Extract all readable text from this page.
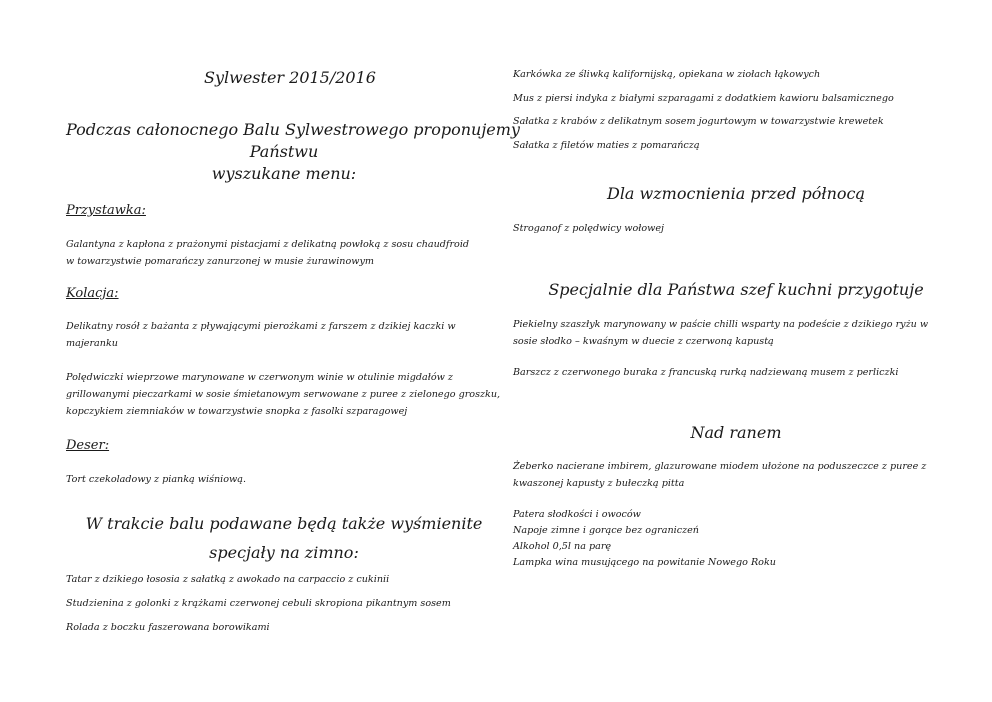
Sylwester 2015/2016
Podczas całonocnego Balu Sylwestrowego proponujemy
Państwu
wyszukane menu:
Przystawka:
Galantyna z kapłona z prażonymi pistacjami z delikatną powłoką z sosu chaudfroid w towarzystwie pomarańczy zanurzonej w musie żurawinowym
Kolacja:
Delikatny rosół z bażanta z pływającymi pierożkami z farszem z dzikiej kaczki w majeranku
Polędwiczki wieprzowe marynowane w czerwonym winie w otulinie migdałów z grillowanymi pieczarkami w sosie śmietanowym serwowane z puree z zielonego groszku, kopczykiem ziemniaków w towarzystwie snopka z fasolki szparagowej
Deser:
Tort czekoladowy z pianką wiśniową.
W trakcie balu podawane będą także wyśmienite
specjały na zimno:
Tatar z dzikiego łososia z sałatką z awokado na carpaccio z cukinii
Studzienina z golonki z krążkami czerwonej cebuli skropiona pikantnym sosem
Rolada z boczku faszerowana borowikami
Karkówka ze śliwką kalifornijską, opiekana w ziołach łąkowych
Mus z piersi indyka z białymi szparagami z dodatkiem kawioru balsamicznego
Sałatka z krabów z delikatnym sosem jogurtowym w towarzystwie krewetek
Sałatka z filetów maties z pomarańczą
Dla wzmocnienia przed północą
Stroganof z polędwicy wołowej
Specjalnie dla Państwa szef kuchni przygotuje
Piekielny szaszłyk marynowany w paście chilli wsparty na podeście z dzikiego ryżu w sosie słodko – kwaśnym w duecie z czerwoną kapustą
Barszcz z czerwonego buraka z francuską rurką nadziewaną musem z perliczki
Nad ranem
Żeberko nacierane imbirem, glazurowane miodem ułożone na poduszeczce z puree z kwaszonej kapusty z bułeczką pitta
Patera słodkości i owoców
Napoje zimne i gorące bez ograniczeń
Alkohol 0,5l na parę
Lampka wina musującego na powitanie Nowego Roku
